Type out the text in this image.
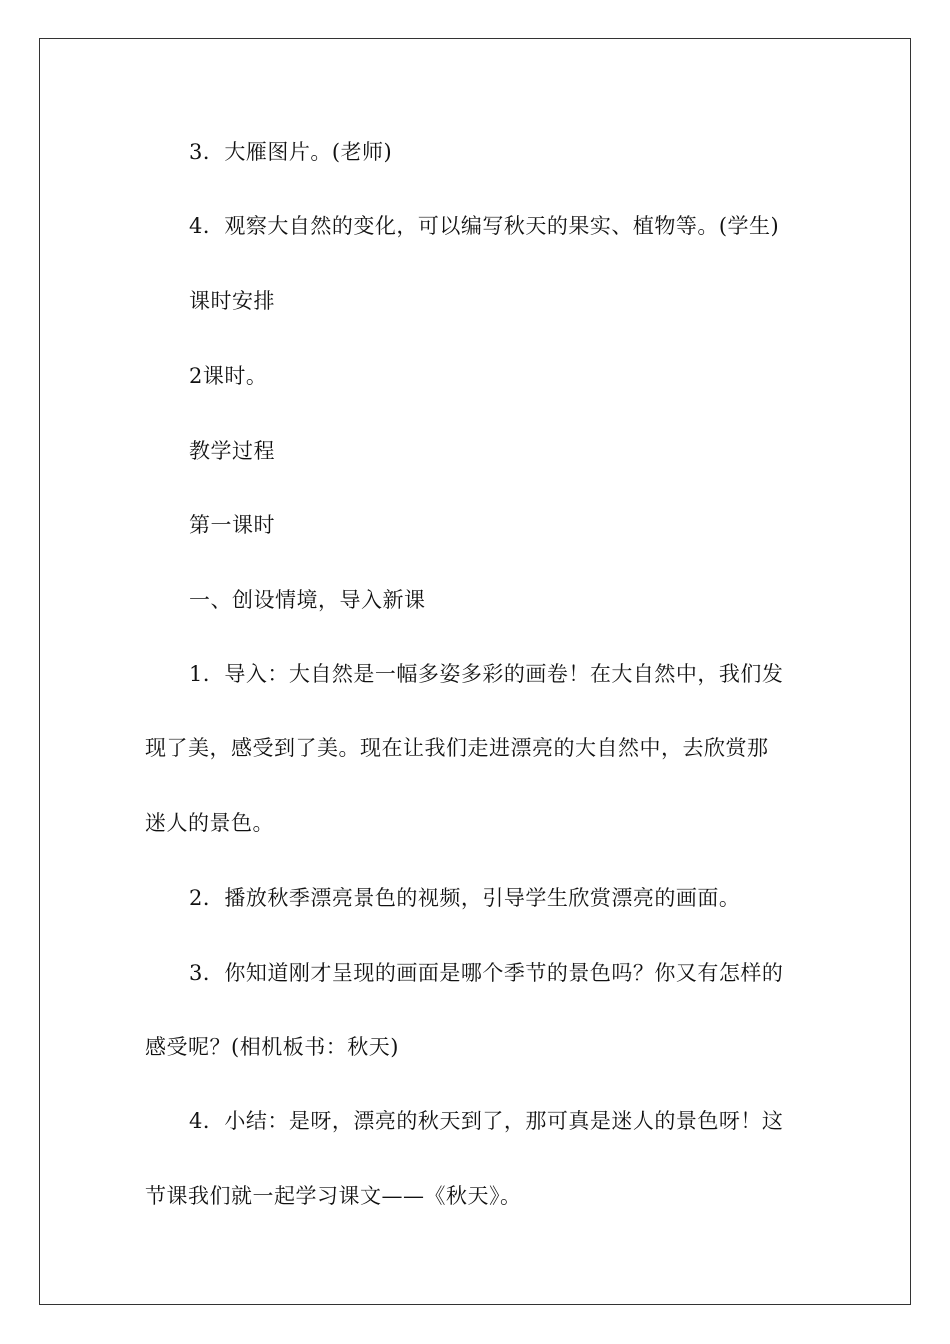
3．大雁图片。(老师)
4．观察大自然的变化，可以编写秋天的果实、植物等。(学生)
课时安排
2课时。
教学过程
第一课时
一、创设情境，导入新课
1．导入：大自然是一幅多姿多彩的画卷！在大自然中，我们发
现了美，感受到了美。现在让我们走进漂亮的大自然中，去欣赏那
迷人的景色。
2．播放秋季漂亮景色的视频，引导学生欣赏漂亮的画面。
3．你知道刚才呈现的画面是哪个季节的景色吗？你又有怎样的
感受呢？(相机板书：秋天)
4．小结：是呀，漂亮的秋天到了，那可真是迷人的景色呀！这
节课我们就一起学习课文——《秋天》。
